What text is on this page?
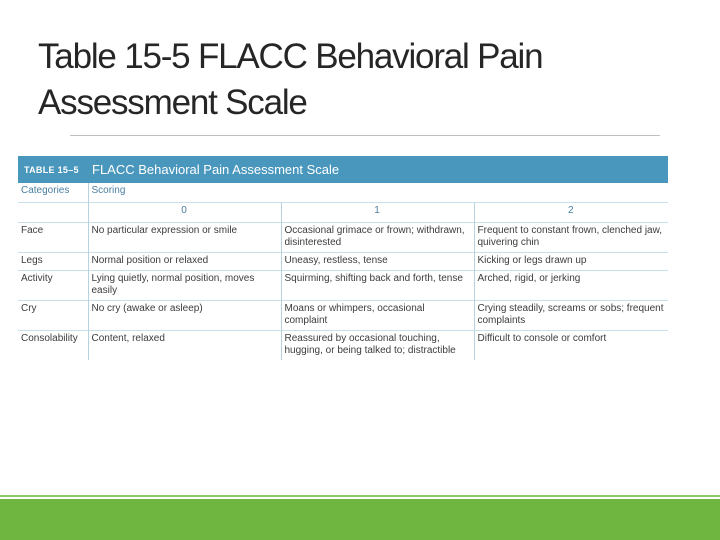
Table 15-5 FLACC Behavioral Pain
Assessment Scale
TABLE 15–5	FLACC Behavioral Pain Assessment Scale
Categories	Scoring		
	0	1	2
Face	No particular expression or smile	Occasional grimace or frown; withdrawn, disinterested	Frequent to constant frown, clenched jaw, quivering chin
Legs	Normal position or relaxed	Uneasy, restless, tense	Kicking or legs drawn up
Activity	Lying quietly, normal position, moves easily	Squirming, shifting back and forth, tense	Arched, rigid, or jerking
Cry	No cry (awake or asleep)	Moans or whimpers, occasional complaint	Crying steadily, screams or sobs; frequent complaints
Consolability	Content, relaxed	Reassured by occasional touching, hugging, or being talked to; distractible	Difficult to console or comfort
